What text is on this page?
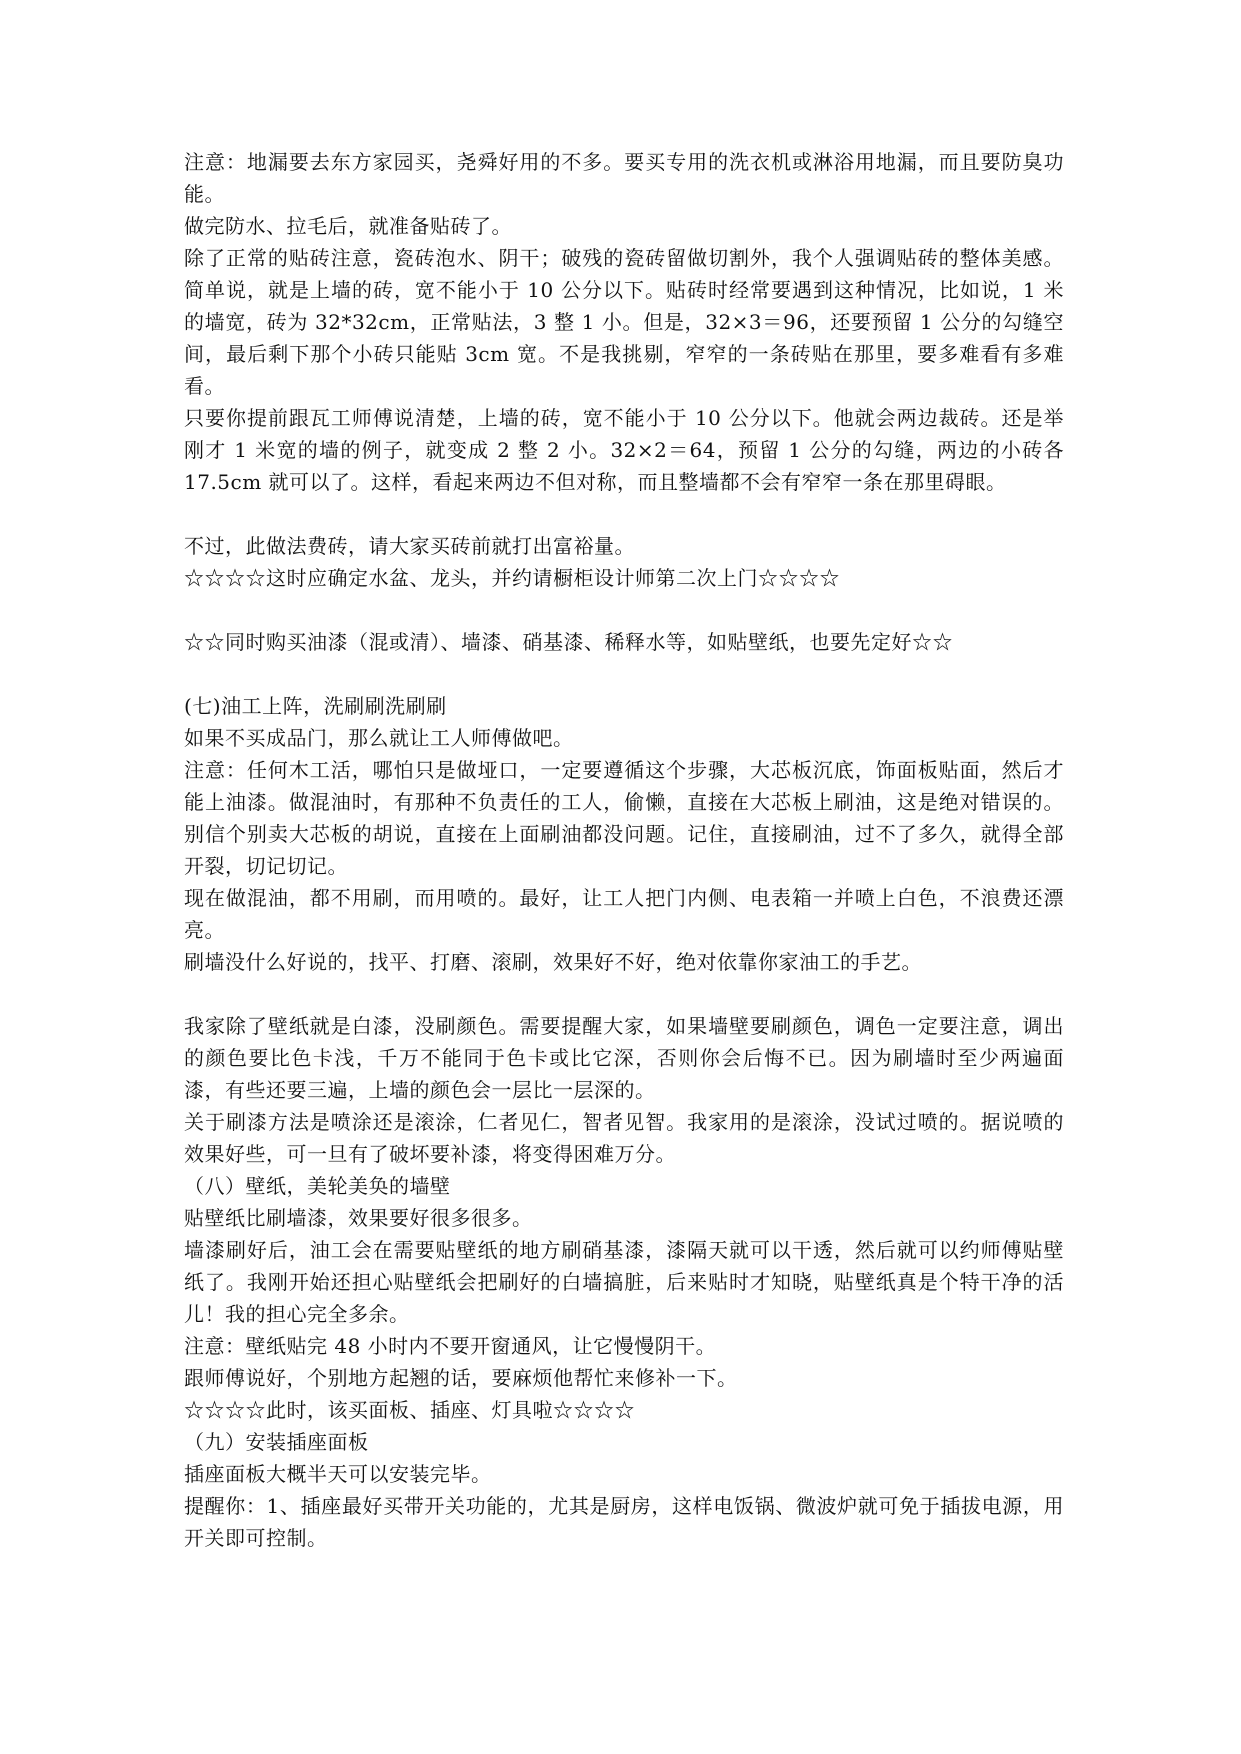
注意：地漏要去东方家园买，尧舜好用的不多。要买专用的洗衣机或淋浴用地漏，而且要防臭功能。

做完防水、拉毛后，就准备贴砖了。

除了正常的贴砖注意，瓷砖泡水、阴干；破残的瓷砖留做切割外，我个人强调贴砖的整体美感。简单说，就是上墙的砖，宽不能小于 10 公分以下。贴砖时经常要遇到这种情况，比如说，1 米的墙宽，砖为 32*32cm，正常贴法，3 整 1 小。但是，32×3＝96，还要预留 1 公分的勾缝空间，最后剩下那个小砖只能贴 3cm 宽。不是我挑剔，窄窄的一条砖贴在那里，要多难看有多难看。

只要你提前跟瓦工师傅说清楚，上墙的砖，宽不能小于 10 公分以下。他就会两边裁砖。还是举刚才 1 米宽的墙的例子，就变成 2 整 2 小。32×2＝64，预留 1 公分的勾缝，两边的小砖各 17.5cm 就可以了。这样，看起来两边不但对称，而且整墙都不会有窄窄一条在那里碍眼。

不过，此做法费砖，请大家买砖前就打出富裕量。

☆☆☆☆这时应确定水盆、龙头，并约请橱柜设计师第二次上门☆☆☆☆

☆☆同时购买油漆（混或清）、墙漆、硝基漆、稀释水等，如贴壁纸，也要先定好☆☆

(七)油工上阵，洗刷刷洗刷刷

如果不买成品门，那么就让工人师傅做吧。

注意：任何木工活，哪怕只是做垭口，一定要遵循这个步骤，大芯板沉底，饰面板贴面，然后才能上油漆。做混油时，有那种不负责任的工人，偷懒，直接在大芯板上刷油，这是绝对错误的。别信个别卖大芯板的胡说，直接在上面刷油都没问题。记住，直接刷油，过不了多久，就得全部开裂，切记切记。

现在做混油，都不用刷，而用喷的。最好，让工人把门内侧、电表箱一并喷上白色，不浪费还漂亮。

刷墙没什么好说的，找平、打磨、滚刷，效果好不好，绝对依靠你家油工的手艺。

我家除了壁纸就是白漆，没刷颜色。需要提醒大家，如果墙壁要刷颜色，调色一定要注意，调出的颜色要比色卡浅，千万不能同于色卡或比它深，否则你会后悔不已。因为刷墙时至少两遍面漆，有些还要三遍，上墙的颜色会一层比一层深的。

关于刷漆方法是喷涂还是滚涂，仁者见仁，智者见智。我家用的是滚涂，没试过喷的。据说喷的效果好些，可一旦有了破坏要补漆，将变得困难万分。

（八）壁纸，美轮美奂的墙壁

贴壁纸比刷墙漆，效果要好很多很多。

墙漆刷好后，油工会在需要贴壁纸的地方刷硝基漆，漆隔天就可以干透，然后就可以约师傅贴壁纸了。我刚开始还担心贴壁纸会把刷好的白墙搞脏，后来贴时才知晓，贴壁纸真是个特干净的活儿！我的担心完全多余。

注意：壁纸贴完 48 小时内不要开窗通风，让它慢慢阴干。

跟师傅说好，个别地方起翘的话，要麻烦他帮忙来修补一下。

☆☆☆☆此时，该买面板、插座、灯具啦☆☆☆☆

（九）安装插座面板

插座面板大概半天可以安装完毕。

提醒你：1、插座最好买带开关功能的，尤其是厨房，这样电饭锅、微波炉就可免于插拔电源，用开关即可控制。
